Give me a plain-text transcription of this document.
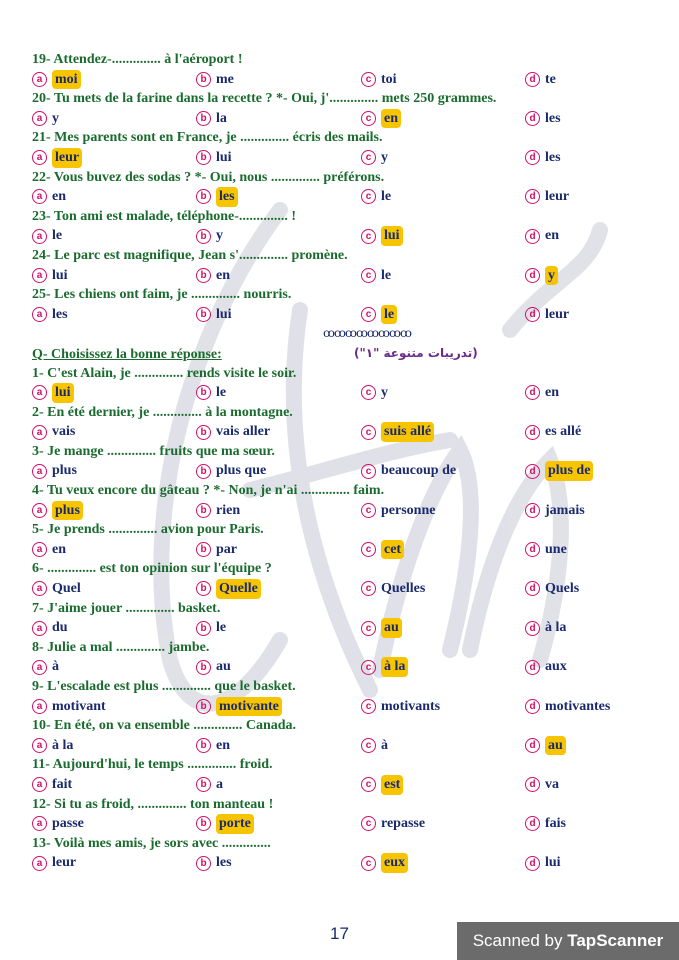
19- Attendez-.............. à l'aéroport !
a moi	b me	c toi	d te
20- Tu mets de la farine dans la recette ? *- Oui, j'.............. mets 250 grammes.
a y	b la	c en	d les
21- Mes parents sont en France, je .............. écris des mails.
a leur	b lui	c y	d les
22- Vous buvez des sodas ? *- Oui, nous .............. préférons.
a en	b les	c le	d leur
23- Ton ami est malade, téléphone-.............. !
a le	b y	c lui	d en
24- Le parc est magnifique, Jean s'.............. promène.
a lui	b en	c le	d y
25- Les chiens ont faim, je .............. nourris.
a les	b lui	c le	d leur
ꝏꝏꝏꝏꝏꝏꝏꝏ
Q- Choisissez la bonne réponse:	(تدريبات متنوعة "١")
1- C'est Alain, je .............. rends visite le soir.
a lui	b le	c y	d en
2- En été dernier, je .............. à la montagne.
a vais	b vais aller	c suis allé	d es allé
3- Je mange .............. fruits que ma sœur.
a plus	b plus que	c beaucoup de	d plus de
4- Tu veux encore du gâteau ? *- Non, je n'ai .............. faim.
a plus	b rien	c personne	d jamais
5- Je prends .............. avion pour Paris.
a en	b par	c cet	d une
6- .............. est ton opinion sur l'équipe ?
a Quel	b Quelle	c Quelles	d Quels
7- J'aime jouer .............. basket.
a du	b le	c au	d à la
8- Julie a mal .............. jambe.
a à	b au	c à la	d aux
9- L'escalade est plus .............. que le basket.
a motivant	b motivante	c motivants	d motivantes
10- En été, on va ensemble .............. Canada.
a à la	b en	c à	d au
11- Aujourd'hui, le temps .............. froid.
a fait	b a	c est	d va
12- Si tu as froid, .............. ton manteau !
a passe	b porte	c repasse	d fais
13- Voilà mes amis, je sors avec ..............
a leur	b les	c eux	d lui
17	Scanned by TapScanner
